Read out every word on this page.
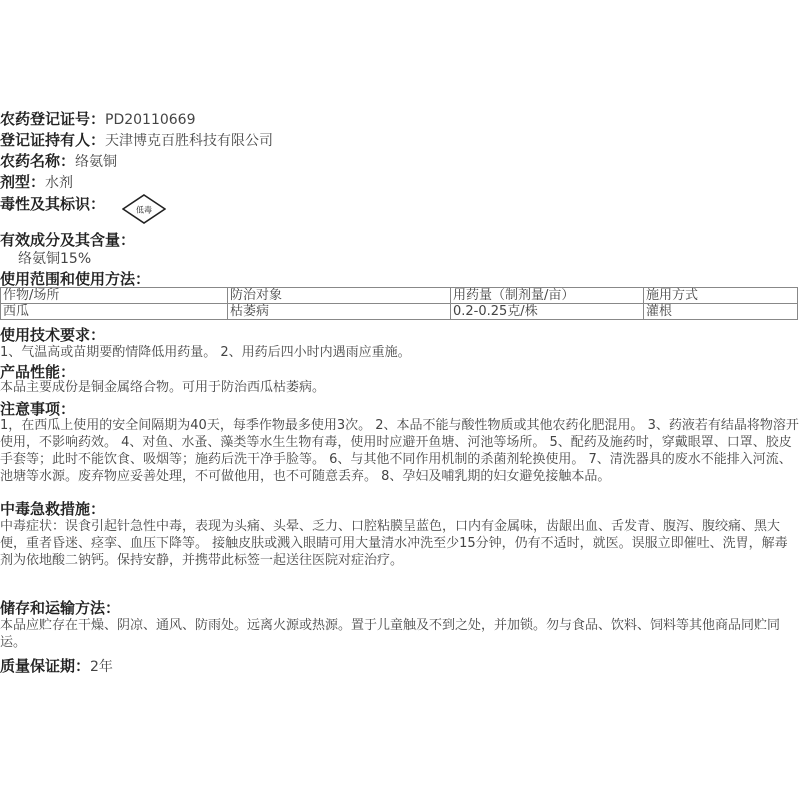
农药登记证号：PD20110669
登记证持有人：天津博克百胜科技有限公司
农药名称：络氨铜
剂型：水剂
毒性及其标识：	低毒
有效成分及其含量：
络氨铜15%
使用范围和使用方法：
作物/场所	防治对象	用药量（制剂量/亩）	施用方式
西瓜	枯萎病	0.2-0.25克/株	灌根
使用技术要求：
1、气温高或苗期要酌情降低用药量。 2、用药后四小时内遇雨应重施。
产品性能：
本品主要成份是铜金属络合物。可用于防治西瓜枯萎病。
注意事项：
1，在西瓜上使用的安全间隔期为40天，每季作物最多使用3次。 2、本品不能与酸性物质或其他农药化肥混用。 3、药液若有结晶将物溶开使用，不影响药效。 4、对鱼、水蚤、藻类等水生生物有毒，使用时应避开鱼塘、河池等场所。 5、配药及施药时，穿戴眼罩、口罩、胶皮手套等；此时不能饮食、吸烟等；施药后洗干净手脸等。 6、与其他不同作用机制的杀菌剂轮换使用。 7、清洗器具的废水不能排入河流、池塘等水源。废弃物应妥善处理，不可做他用，也不可随意丢弃。 8、孕妇及哺乳期的妇女避免接触本品。
中毒急救措施：
中毒症状：误食引起针急性中毒，表现为头痛、头晕、乏力、口腔粘膜呈蓝色，口内有金属味，齿龈出血、舌发青、腹泻、腹绞痛、黑大便，重者昏迷、痉挛、血压下降等。 接触皮肤或溅入眼睛可用大量清水冲洗至少15分钟，仍有不适时，就医。误服立即催吐、洗胃，解毒剂为依地酸二钠钙。保持安静，并携带此标签一起送往医院对症治疗。
储存和运输方法：
本品应贮存在干燥、阴凉、通风、防雨处。远离火源或热源。置于儿童触及不到之处，并加锁。勿与食品、饮料、饲料等其他商品同贮同运。
质量保证期：2年
